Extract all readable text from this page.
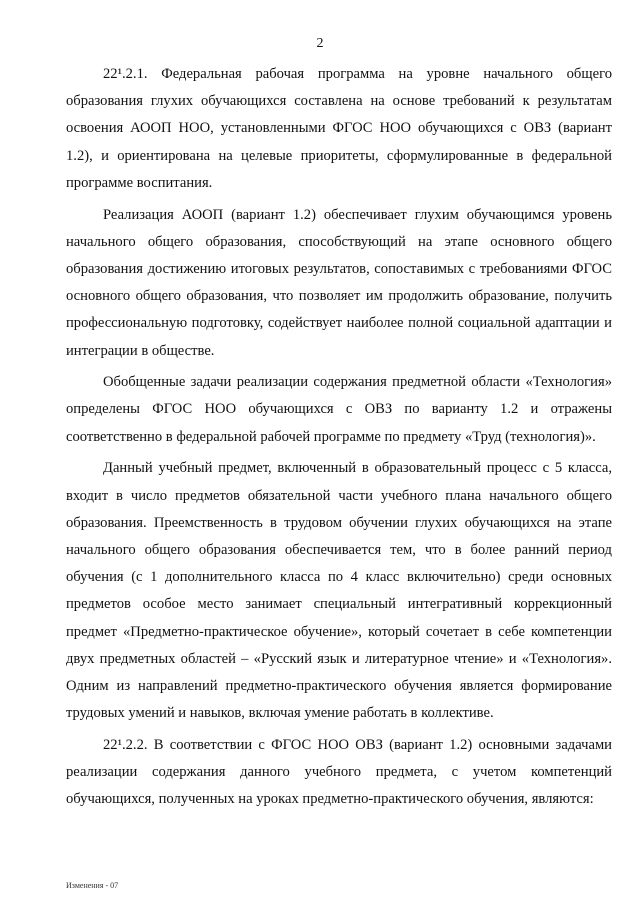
2

22¹.2.1. Федеральная рабочая программа на уровне начального общего образования глухих обучающихся составлена на основе требований к результатам освоения АООП НОО, установленными ФГОС НОО обучающихся с ОВЗ (вариант 1.2), и ориентирована на целевые приоритеты, сформулированные в федеральной программе воспитания.

Реализация АООП (вариант 1.2) обеспечивает глухим обучающимся уровень начального общего образования, способствующий на этапе основного общего образования достижению итоговых результатов, сопоставимых с требованиями ФГОС основного общего образования, что позволяет им продолжить образование, получить профессиональную подготовку, содействует наиболее полной социальной адаптации и интеграции в обществе.

Обобщенные задачи реализации содержания предметной области «Технология» определены ФГОС НОО обучающихся с ОВЗ по варианту 1.2 и отражены соответственно в федеральной рабочей программе по предмету «Труд (технология)».

Данный учебный предмет, включенный в образовательный процесс с 5 класса, входит в число предметов обязательной части учебного плана начального общего образования. Преемственность в трудовом обучении глухих обучающихся на этапе начального общего образования обеспечивается тем, что в более ранний период обучения (с 1 дополнительного класса по 4 класс включительно) среди основных предметов особое место занимает специальный интегративный коррекционный предмет «Предметно-практическое обучение», который сочетает в себе компетенции двух предметных областей – «Русский язык и литературное чтение» и «Технология». Одним из направлений предметно-практического обучения является формирование трудовых умений и навыков, включая умение работать в коллективе.

22¹.2.2. В соответствии с ФГОС НОО ОВЗ (вариант 1.2) основными задачами реализации содержания данного учебного предмета, с учетом компетенций обучающихся, полученных на уроках предметно-практического обучения, являются:

Изменения - 07
